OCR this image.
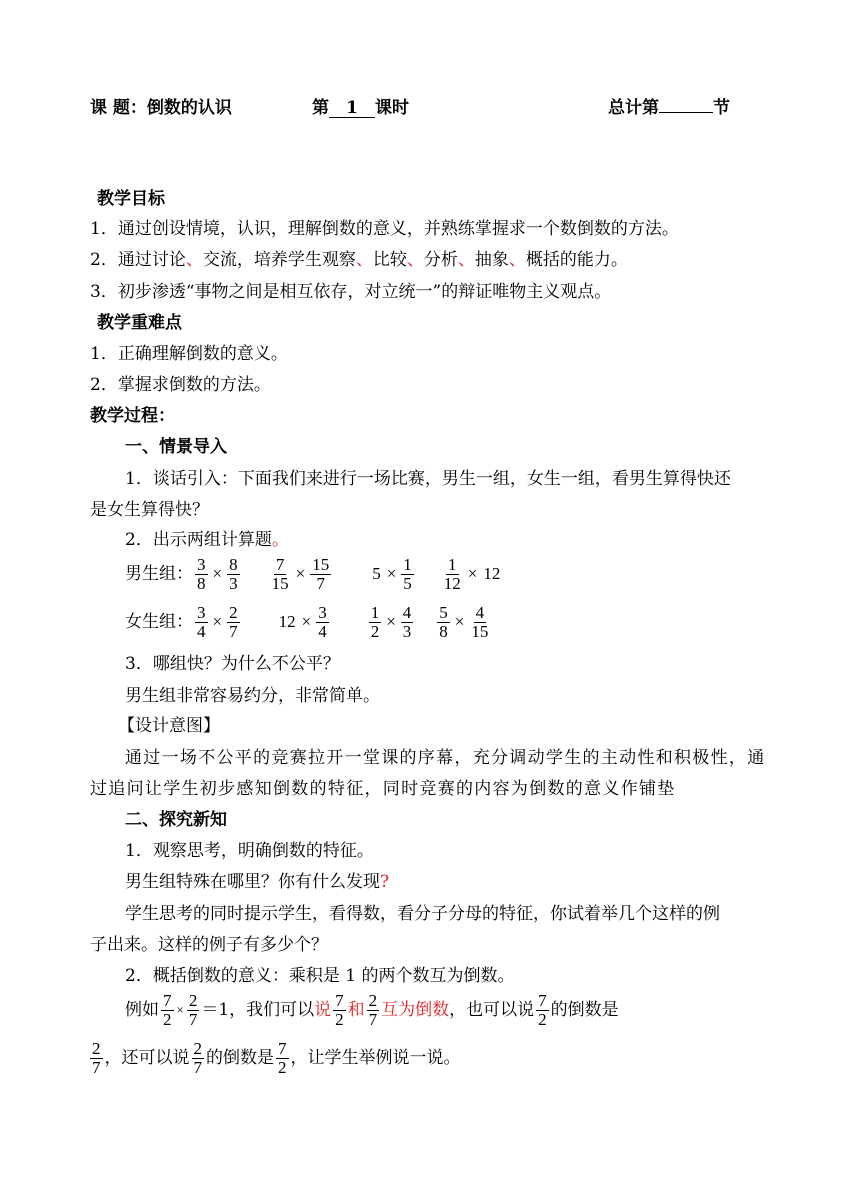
课 题：倒数的认识	第 1 课时	总计第	节
教学目标
1．通过创设情境，认识，理解倒数的意义，并熟练掌握求一个数倒数的方法。
2．通过讨论、交流，培养学生观察、比较、分析、抽象、概括的能力。
3．初步渗透“事物之间是相互依存，对立统一”的辩证唯物主义观点。
教学重难点
1．正确理解倒数的意义。
2．掌握求倒数的方法。
教学过程：
一、情景导入
1．谈话引入：下面我们来进行一场比赛，男生一组，女生一组，看男生算得快还
是女生算得快？
2．出示两组计算题。
男生组： $\frac{3}{8} \times \frac{8}{3} \frac{7}{15} \times \frac{15}{7} 5 \times \frac{1}{5} \frac{1}{12} \times 12$
女生组： $\frac{3}{4} \times \frac{2}{7} 12 \times \frac{3}{4} \frac{1}{2} \times \frac{4}{3} \frac{5}{8} \times \frac{4}{15}$
3．哪组快？为什么不公平？
男生组非常容易约分，非常简单。
【设计意图】
通过一场不公平的竞赛拉开一堂课的序幕，充分调动学生的主动性和积极性，通
过追问让学生初步感知倒数的特征，同时竞赛的内容为倒数的意义作铺垫
二、探究新知
1．观察思考，明确倒数的特征。
男生组特殊在哪里？你有什么发现?
学生思考的同时提示学生，看得数，看分子分母的特征，你试着举几个这样的例
子出来。这样的例子有多少个？
2．概括倒数的意义：乘积是 1 的两个数互为倒数。
例如 $\frac{7}{2} \times \frac{2}{7} =1$，我们可以 说 $\frac{7}{2}$ 和 $\frac{2}{7}$ 互为倒数 ，也可以说 $\frac{7}{2}$ 的倒数是
$\frac{2}{7}$ ，还可以说 $\frac{2}{7}$ 的倒数是 $\frac{7}{2}$ ，让学生举例说一说。
